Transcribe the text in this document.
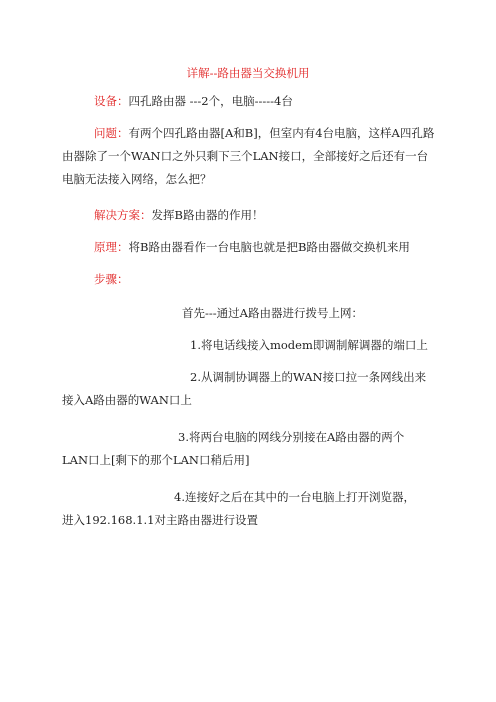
详解--路由器当交换机用
设备：四孔路由器 ---2个，电脑-----4台
问题：有两个四孔路由器[A和B]，但室内有4台电脑，这样A四孔路由器除了一个WAN口之外只剩下三个LAN接口，全部接好之后还有一台电脑无法接入网络，怎么把？
解决方案：发挥B路由器的作用！
原理：将B路由器看作一台电脑也就是把B路由器做交换机来用
步骤：
首先---通过A路由器进行拨号上网：
1.将电话线接入modem即调制解调器的端口上
2.从调制协调器上的WAN接口拉一条网线出来
接入A路由器的WAN口上
3.将两台电脑的网线分别接在A路由器的两个
LAN口上[剩下的那个LAN口稍后用]
4.连接好之后在其中的一台电脑上打开浏览器，
进入192.168.1.1对主路由器进行设置
